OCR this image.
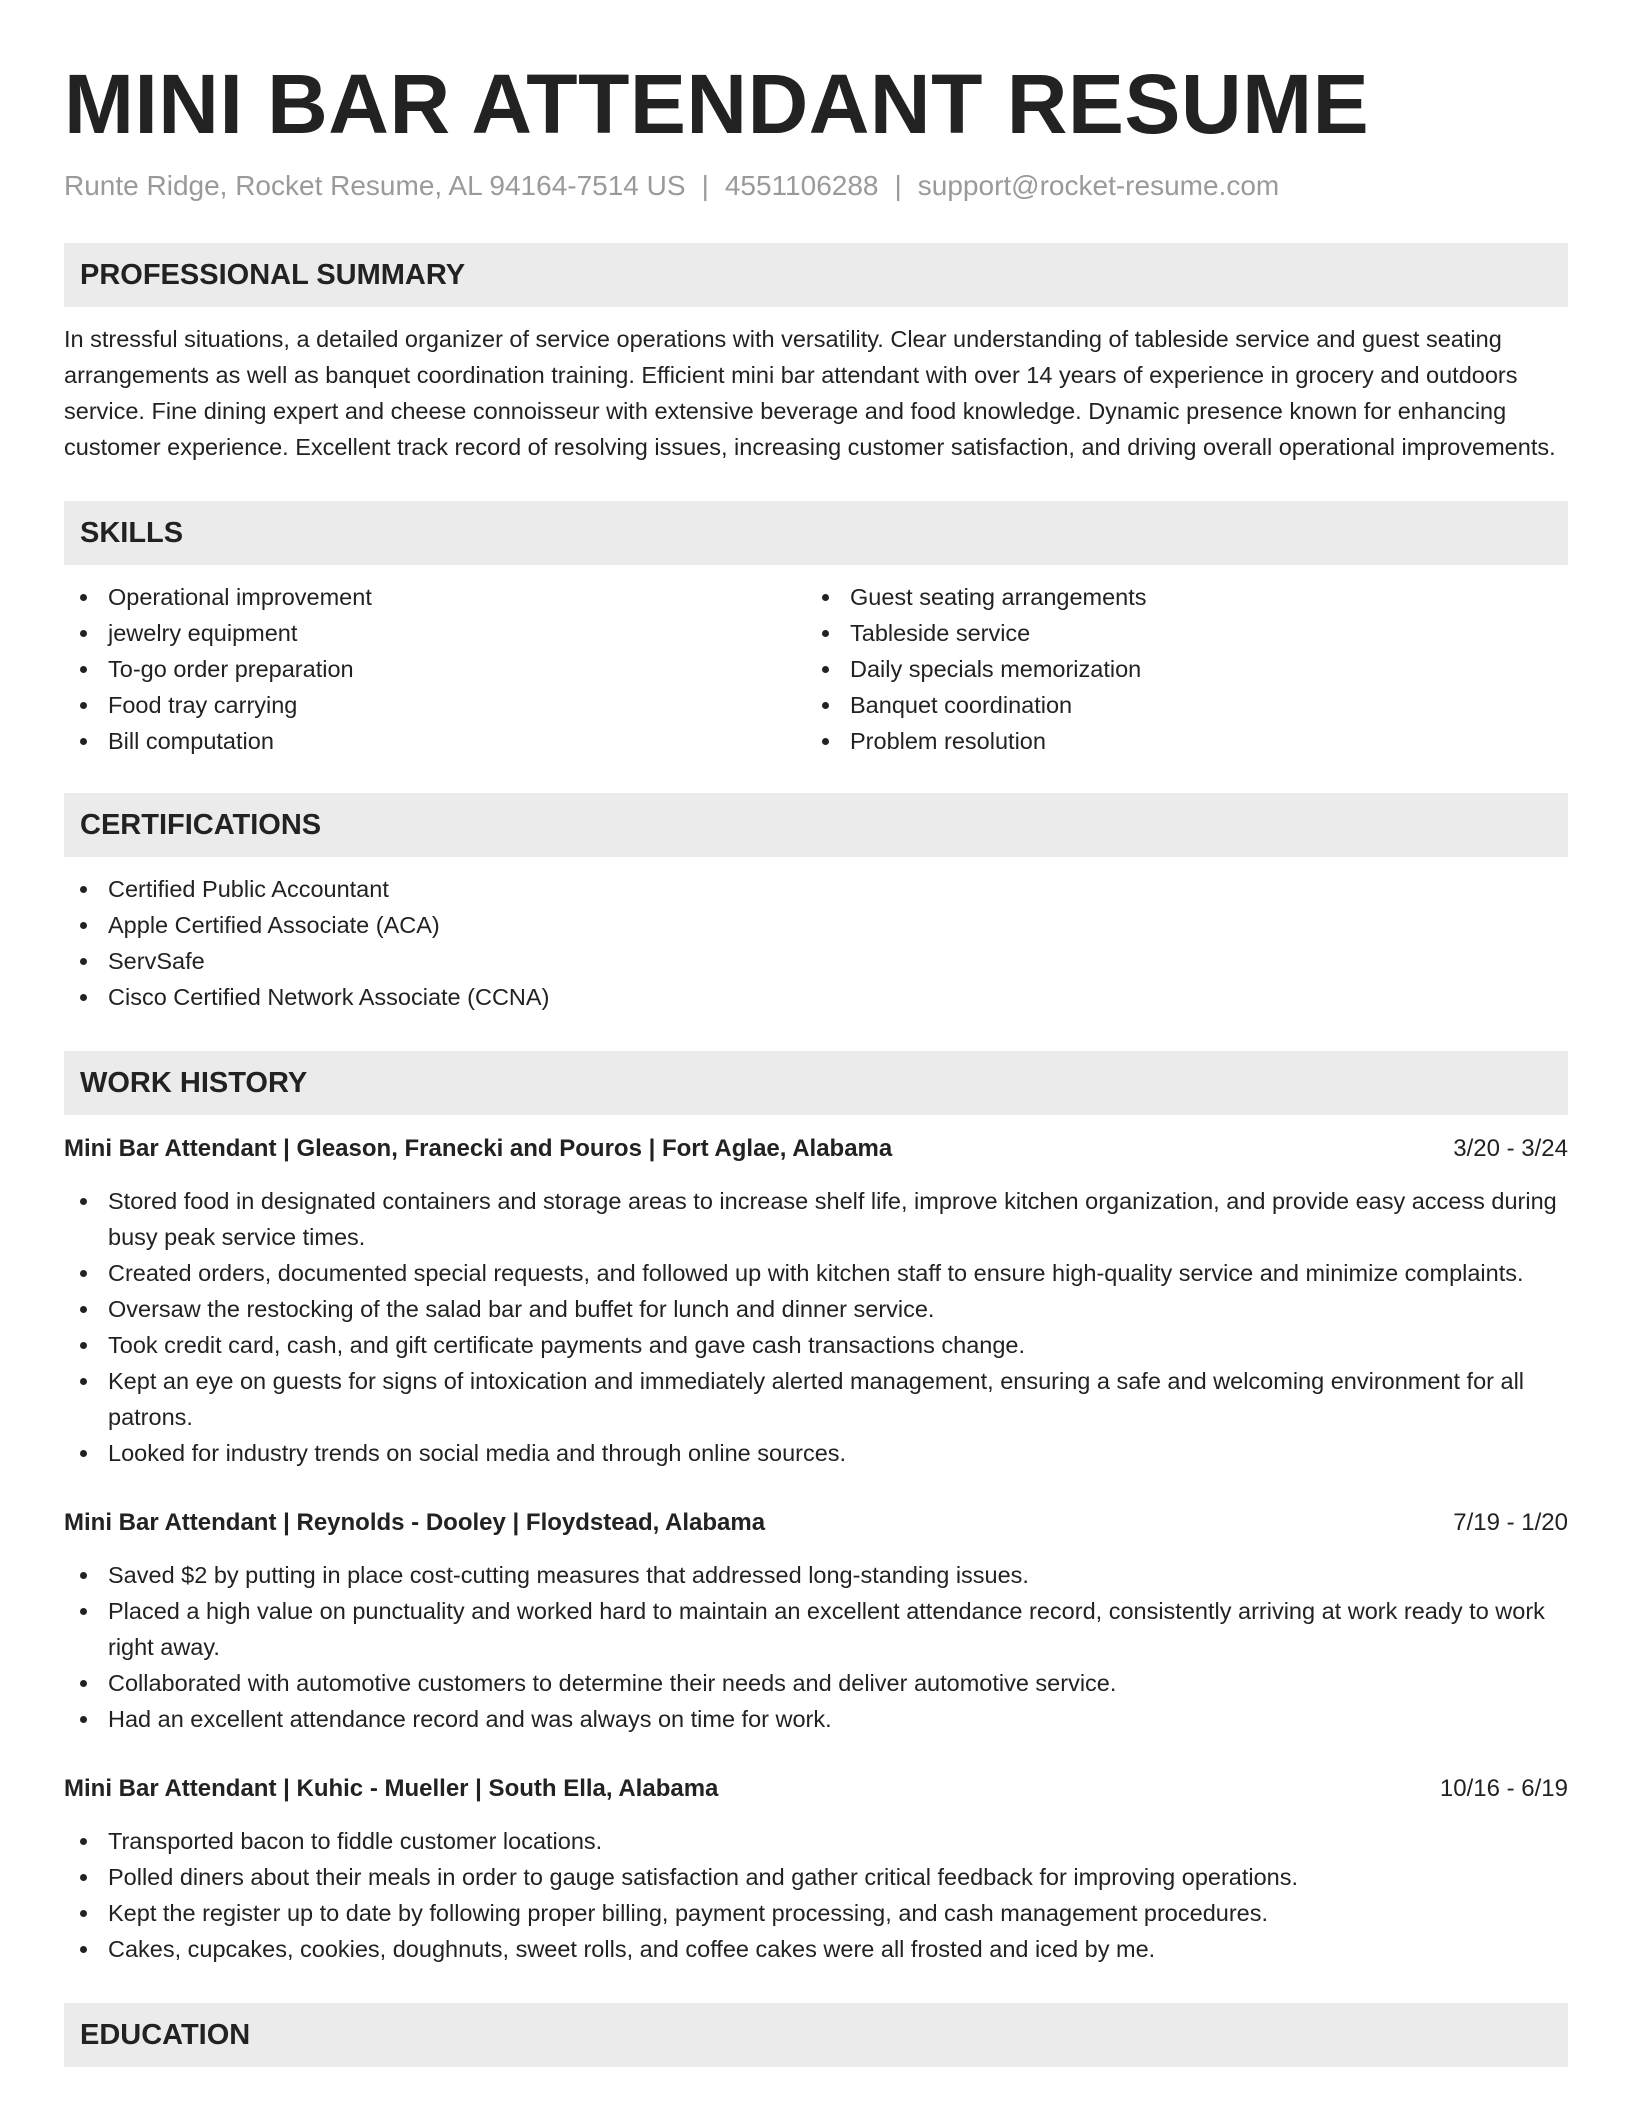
MINI BAR ATTENDANT RESUME
Runte Ridge, Rocket Resume, AL 94164-7514 US | 4551106288 | support@rocket-resume.com
PROFESSIONAL SUMMARY

In stressful situations, a detailed organizer of service operations with versatility. Clear understanding of tableside service and guest seating arrangements as well as banquet coordination training. Efficient mini bar attendant with over 14 years of experience in grocery and outdoors service. Fine dining expert and cheese connoisseur with extensive beverage and food knowledge. Dynamic presence known for enhancing customer experience. Excellent track record of resolving issues, increasing customer satisfaction, and driving overall operational improvements.

SKILLS
Operational improvement
jewelry equipment
To-go order preparation
Food tray carrying
Bill computation
Guest seating arrangements
Tableside service
Daily specials memorization
Banquet coordination
Problem resolution
CERTIFICATIONS
Certified Public Accountant
Apple Certified Associate (ACA)
ServSafe
Cisco Certified Network Associate (CCNA)
WORK HISTORY
Mini Bar Attendant | Gleason, Franecki and Pouros | Fort Aglae, Alabama	3/20 - 3/24
Stored food in designated containers and storage areas to increase shelf life, improve kitchen organization, and provide easy access during busy peak service times.
Created orders, documented special requests, and followed up with kitchen staff to ensure high-quality service and minimize complaints.
Oversaw the restocking of the salad bar and buffet for lunch and dinner service.
Took credit card, cash, and gift certificate payments and gave cash transactions change.
Kept an eye on guests for signs of intoxication and immediately alerted management, ensuring a safe and welcoming environment for all patrons.
Looked for industry trends on social media and through online sources.
Mini Bar Attendant | Reynolds - Dooley | Floydstead, Alabama	7/19 - 1/20
Saved $2 by putting in place cost-cutting measures that addressed long-standing issues.
Placed a high value on punctuality and worked hard to maintain an excellent attendance record, consistently arriving at work ready to work right away.
Collaborated with automotive customers to determine their needs and deliver automotive service.
Had an excellent attendance record and was always on time for work.
Mini Bar Attendant | Kuhic - Mueller | South Ella, Alabama	10/16 - 6/19
Transported bacon to fiddle customer locations.
Polled diners about their meals in order to gauge satisfaction and gather critical feedback for improving operations.
Kept the register up to date by following proper billing, payment processing, and cash management procedures.
Cakes, cupcakes, cookies, doughnuts, sweet rolls, and coffee cakes were all frosted and iced by me.
EDUCATION
